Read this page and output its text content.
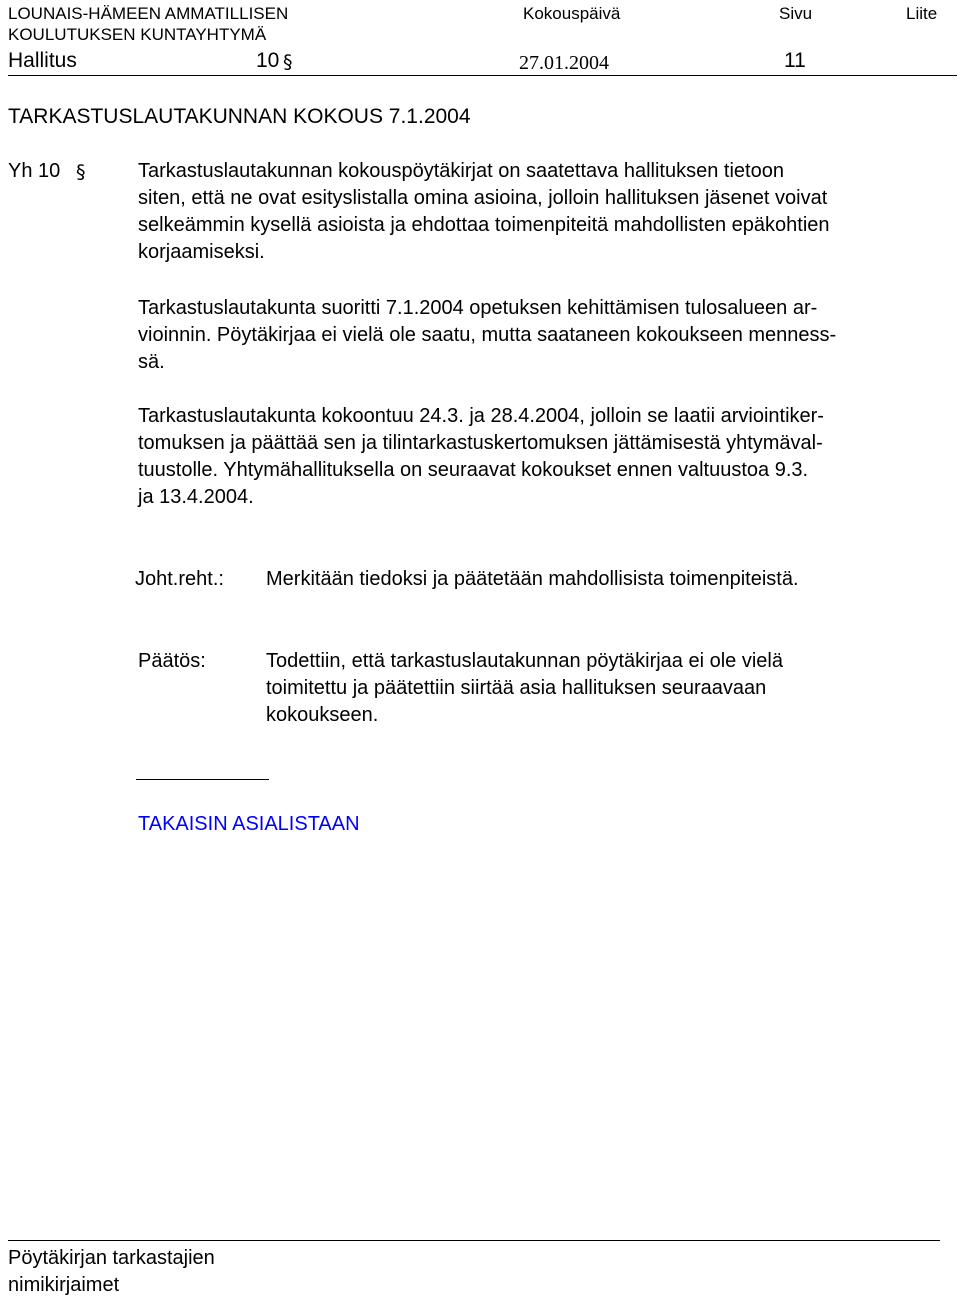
LOUNAIS-HÄMEEN AMMATILLISEN
KOULUTUKSEN KUNTAYHTYMÄ
Kokouspäivä	Sivu	Liite
Hallitus	10 §	27.01.2004	11
TARKASTUSLAUTAKUNNAN KOKOUS 7.1.2004
Yh 10 §	Tarkastuslautakunnan kokouspöytäkirjat on saatettava hallituksen tietoon
siten, että ne ovat esityslistalla omina asioina, jolloin hallituksen jäsenet voivat
selkeämmin kysellä asioista ja ehdottaa toimenpiteitä mahdollisten epäkohtien
korjaamiseksi.
Tarkastuslautakunta suoritti 7.1.2004 opetuksen kehittämisen tulosalueen ar-
vioinnin. Pöytäkirjaa ei vielä ole saatu, mutta saataneen kokoukseen menness-
sä.
Tarkastuslautakunta kokoontuu 24.3. ja 28.4.2004, jolloin se laatii arviointiker-
tomuksen ja päättää sen ja tilintarkastuskertomuksen jättämisestä yhtymäval-
tuustolle. Yhtymähallituksella on seuraavat kokoukset ennen valtuustoa 9.3.
ja 13.4.2004.
Joht.reht.: Merkitään tiedoksi ja päätetään mahdollisista toimenpiteistä.
Päätös:	Todettiin, että tarkastuslautakunnan pöytäkirjaa ei ole vielä
toimitettu ja päätettiin siirtää asia hallituksen seuraavaan
kokoukseen.
TAKAISIN ASIALISTAAN
Pöytäkirjan tarkastajien
nimikirjaimet
